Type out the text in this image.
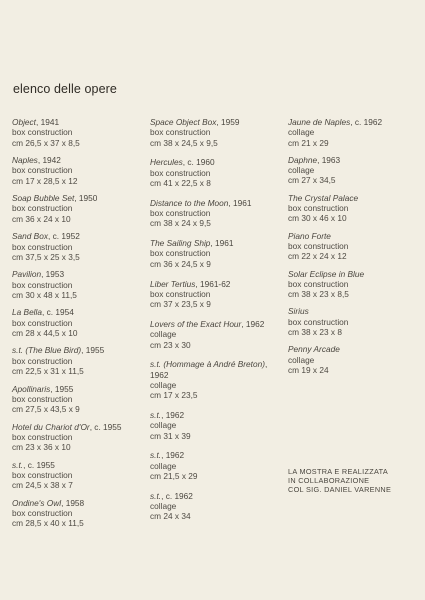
elenco delle opere
Object, 1941
box construction
cm 26,5 x 37 x 8,5
Naples, 1942
box construction
cm 17 x 28,5 x 12
Soap Bubble Set, 1950
box construction
cm 36 x 24 x 10
Sand Box, c. 1952
box construction
cm 37,5 x 25 x 3,5
Pavilion, 1953
box construction
cm 30 x 48 x 11,5
La Bella, c. 1954
box construction
cm 28 x 44,5 x 10
s.t. (The Blue Bird), 1955
box construction
cm 22,5 x 31 x 11,5
Apollinaris, 1955
box construction
cm 27,5 x 43,5 x 9
Hotel du Chariot d'Or, c. 1955
box construction
cm 23 x 36 x 10
s.t., c. 1955
box construction
cm 24,5 x 38 x 7
Ondine's Owl, 1958
box construction
cm 28,5 x 40 x 11,5
Space Object Box, 1959
box construction
cm 38 x 24,5 x 9,5
Hercules, c. 1960
box construction
cm 41 x 22,5 x 8
Distance to the Moon, 1961
box construction
cm 38 x 24 x 9,5
The Sailing Ship, 1961
box construction
cm 36 x 24,5 x 9
Liber Tertius, 1961-62
box construction
cm 37 x 23,5 x 9
Lovers of the Exact Hour, 1962
collage
cm 23 x 30
s.t. (Hommage à André Breton), 1962
collage
cm 17 x 23,5
s.t., 1962
collage
cm 31 x 39
s.t., 1962
collage
cm 21,5 x 29
s.t., c. 1962
collage
cm 24 x 34
Jaune de Naples, c. 1962
collage
cm 21 x 29
Daphne, 1963
collage
cm 27 x 34,5
The Crystal Palace
box construction
cm 30 x 46 x 10
Piano Forte
box construction
cm 22 x 24 x 12
Solar Eclipse in Blue
box construction
cm 38 x 23 x 8,5
Sirius
box construction
cm 38 x 23 x 8
Penny Arcade
collage
cm 19 x 24
LA MOSTRA E REALIZZATA
IN COLLABORAZIONE
COL SIG. DANIEL VARENNE
